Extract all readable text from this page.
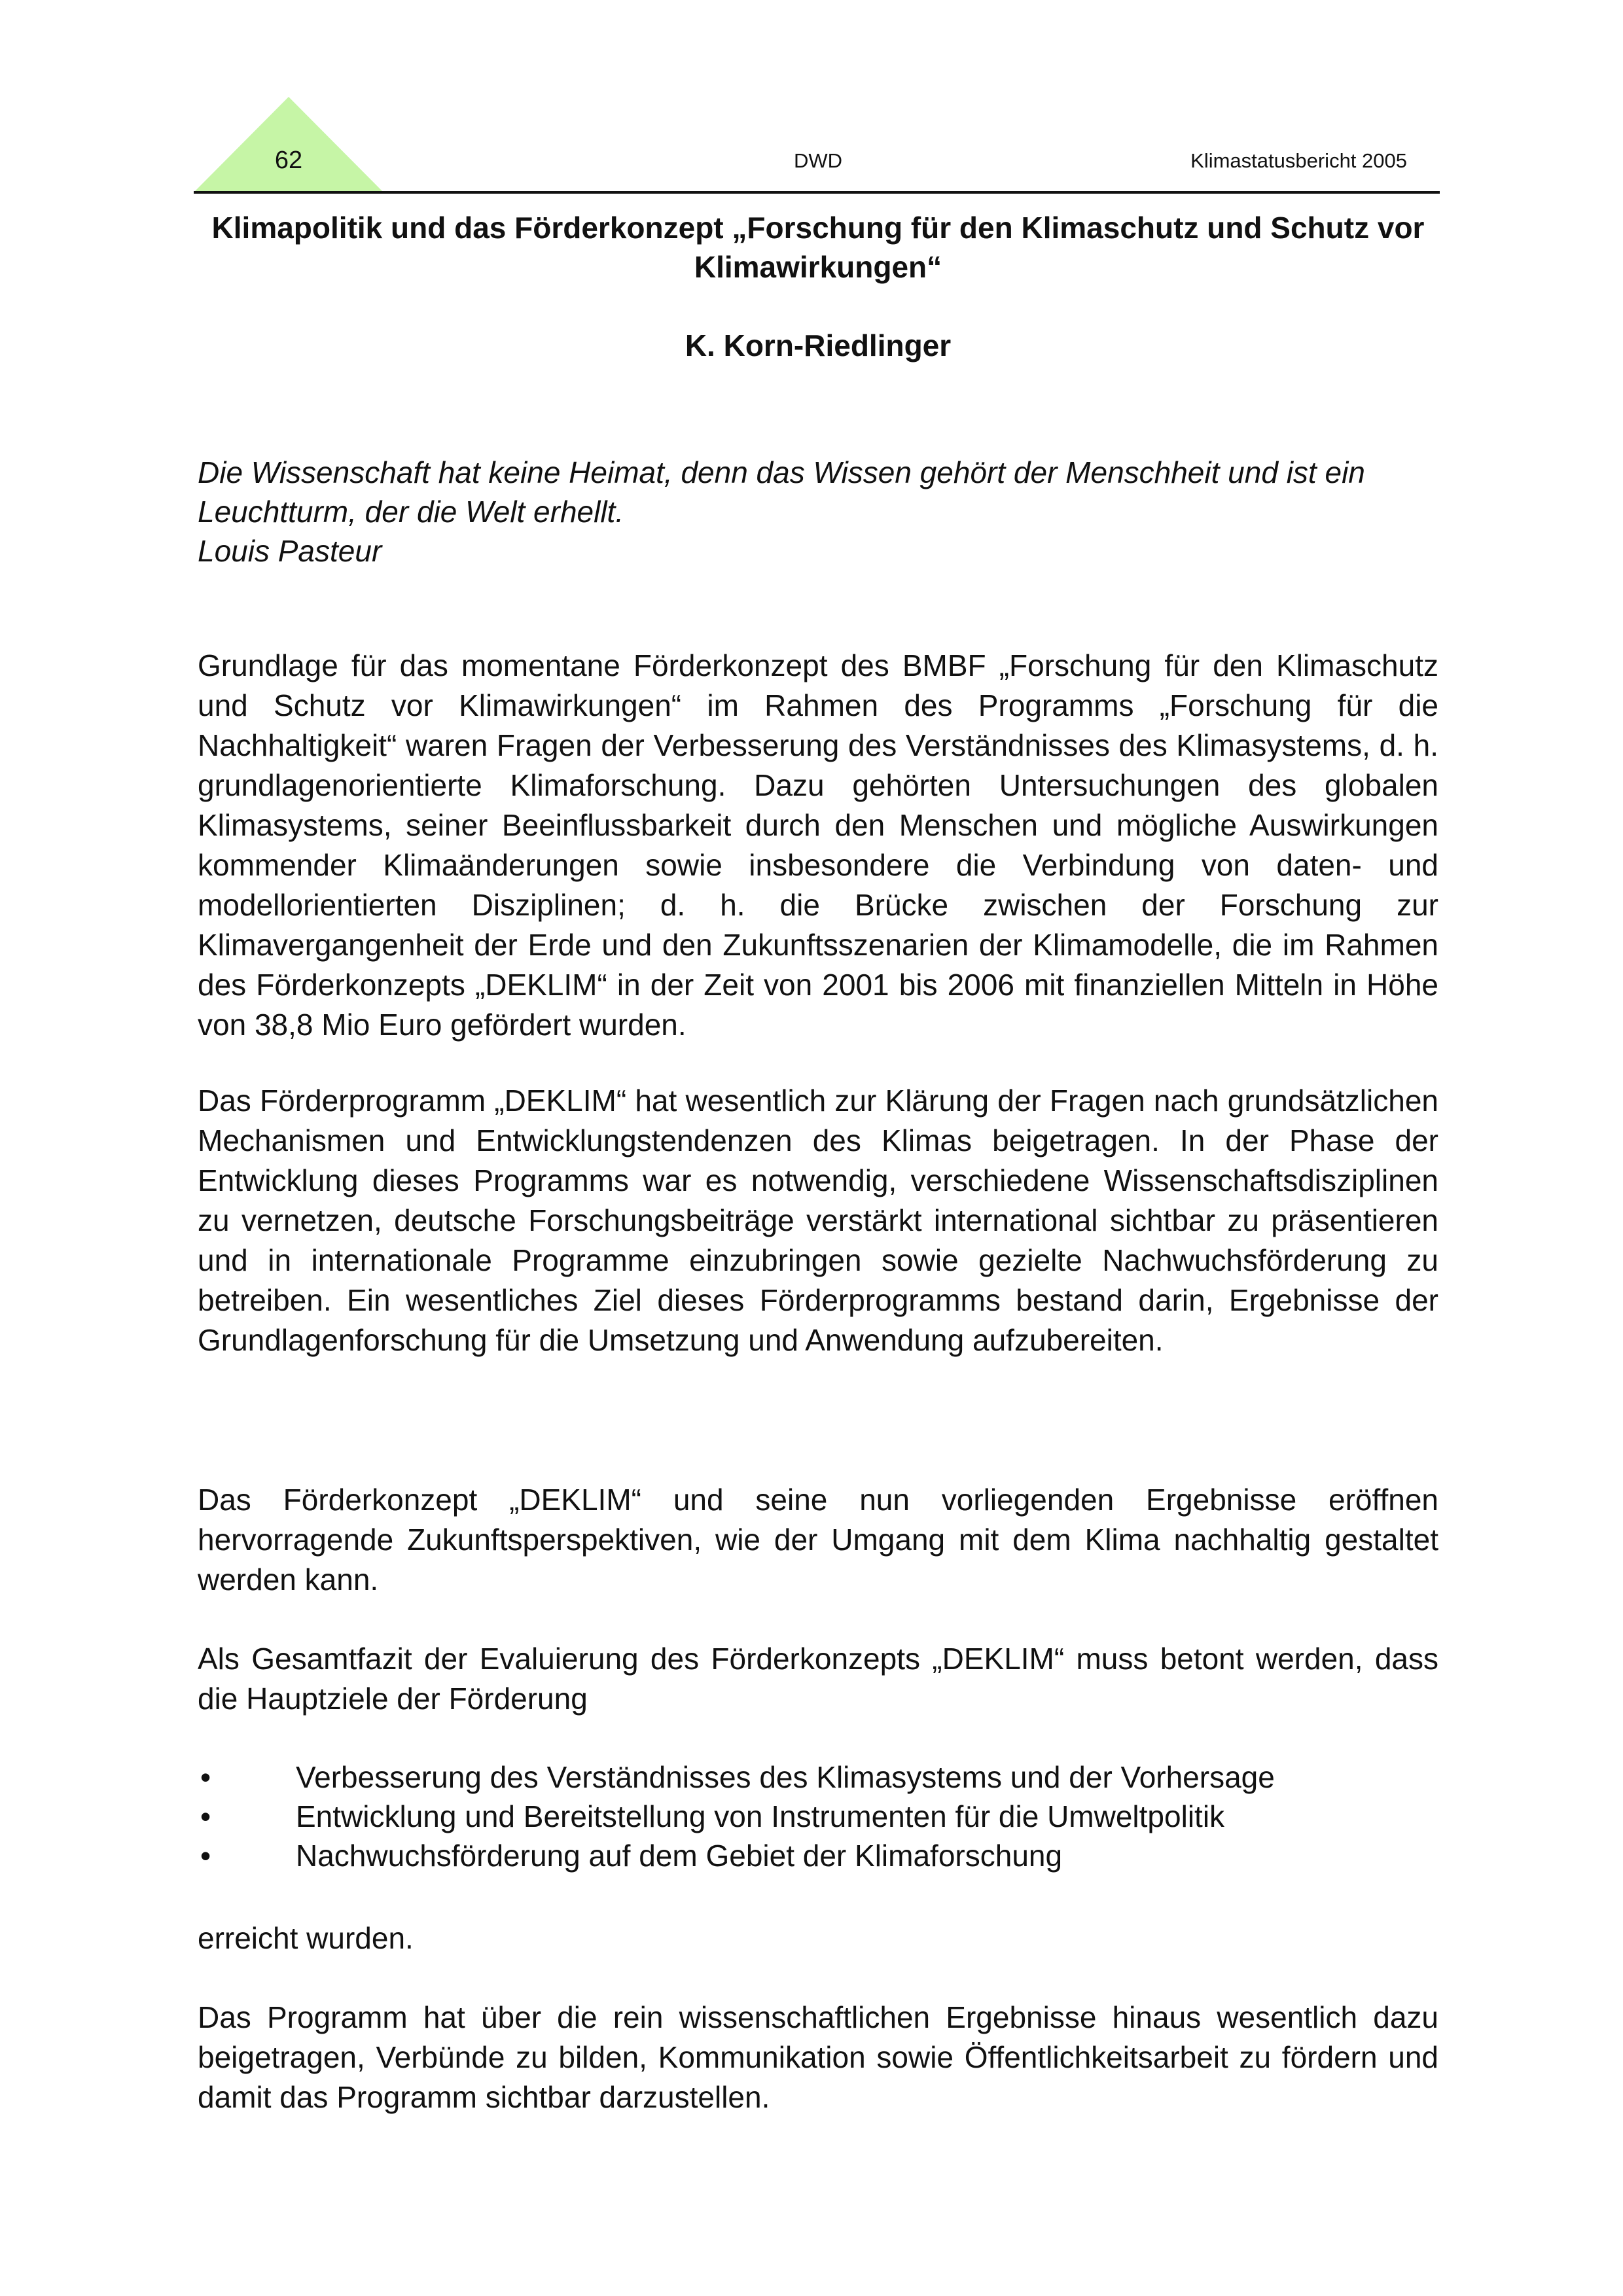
62	DWD	Klimastatusbericht 2005
Klimapolitik und das Förderkonzept „Forschung für den Klimaschutz und Schutz vor Klimawirkungen“
K. Korn-Riedlinger

Die Wissenschaft hat keine Heimat, denn das Wissen gehört der Menschheit und ist ein Leuchtturm, der die Welt erhellt.

Louis Pasteur

Grundlage für das momentane Förderkonzept des BMBF „Forschung für den Klimaschutz und Schutz vor Klimawirkungen“ im Rahmen des Programms „Forschung für die Nachhaltigkeit“ waren Fragen der Verbesserung des Verständnisses des Klimasystems, d. h. grundlagenorientierte Klimaforschung. Dazu gehörten Untersuchungen des globalen Klimasystems, seiner Beeinflussbarkeit durch den Menschen und mögliche Auswirkungen kommender Klimaänderungen sowie insbesondere die Verbindung von daten- und modellorientierten Disziplinen; d. h. die Brücke zwischen der Forschung zur Klimavergangenheit der Erde und den Zukunftsszenarien der Klimamodelle, die im Rahmen des Förderkonzepts „DEKLIM“ in der Zeit von 2001 bis 2006 mit finanziellen Mitteln in Höhe von 38,8 Mio Euro gefördert wurden.

Das Förderprogramm „DEKLIM“ hat wesentlich zur Klärung der Fragen nach grundsätzlichen Mechanismen und Entwicklungstendenzen des Klimas beigetragen. In der Phase der Entwicklung dieses Programms war es notwendig, verschiedene Wissenschaftsdisziplinen zu vernetzen, deutsche Forschungsbeiträge verstärkt international sichtbar zu präsentieren und in internationale Programme einzubringen sowie gezielte Nachwuchsförderung zu betreiben. Ein wesentliches Ziel dieses Förderprogramms bestand darin, Ergebnisse der Grundlagenforschung für die Umsetzung und Anwendung aufzubereiten.

Das Förderkonzept „DEKLIM“ und seine nun vorliegenden Ergebnisse eröffnen hervorragende Zukunftsperspektiven, wie der Umgang mit dem Klima nachhaltig gestaltet werden kann.

Als Gesamtfazit der Evaluierung des Förderkonzepts „DEKLIM“ muss betont werden, dass die Hauptziele der Förderung

•	Verbesserung des Verständnisses des Klimasystems und der Vorhersage
•	Entwicklung und Bereitstellung von Instrumenten für die Umweltpolitik
•	Nachwuchsförderung auf dem Gebiet der Klimaforschung

erreicht wurden.

Das Programm hat über die rein wissenschaftlichen Ergebnisse hinaus wesentlich dazu beigetragen, Verbünde zu bilden, Kommunikation sowie Öffentlichkeitsarbeit zu fördern und damit das Programm sichtbar darzustellen.
